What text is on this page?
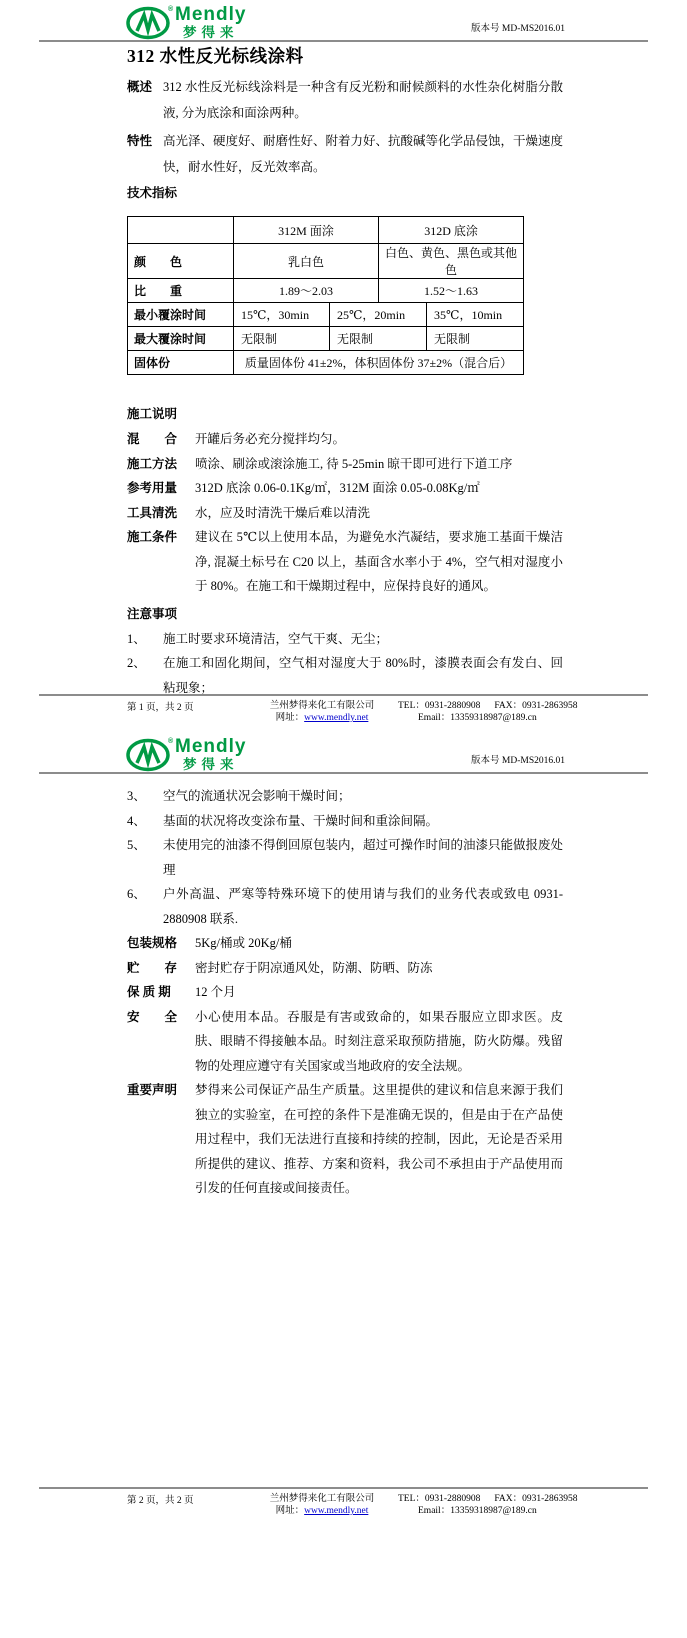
® Mendly
梦得来	版本号 MD-MS2016.01
312 水性反光标线涂料
概述 312 水性反光标线涂料是一种含有反光粉和耐候颜料的水性杂化树脂分散液, 分为底涂和面涂两种。
特性 高光泽、硬度好、耐磨性好、附着力好、抗酸碱等化学品侵蚀，干燥速度快，耐水性好，反光效率高。
技术指标
	312M 面涂		312D 底涂	
颜　　色	乳白色		白色、黄色、黑色或其他色	
比　　重	1.89～2.03		1.52～1.63	
最小覆涂时间	15℃，30min	25℃，20min		35℃，10min
最大覆涂时间	无限制	无限制		无限制
固体份	质量固体份 41±2%，体积固体份 37±2%（混合后）			
施工说明
混　　合	开罐后务必充分搅拌均匀。
施工方法	喷涂、刷涂或滚涂施工, 待 5-25min 晾干即可进行下道工序
参考用量	312D 底涂 0.06-0.1Kg/㎡，312M 面涂 0.05-0.08Kg/㎡
工具清洗	水，应及时清洗干燥后难以清洗
施工条件	建议在 5℃以上使用本品，为避免水汽凝结，要求施工基面干燥洁净, 混凝土标号在 C20 以上，基面含水率小于 4%，空气相对湿度小于 80%。在施工和干燥期过程中，应保持良好的通风。
注意事项
1、	施工时要求环境清洁，空气干爽、无尘；
2、	在施工和固化期间，空气相对湿度大于 80%时，漆膜表面会有发白、回粘现象；
第 1 页，共 2 页	兰州梦得来化工有限公司
网址：www.mendly.net
TEL：0931-2880908 FAX：0931-2863958
Email：13359318987@189.cn
® Mendly
梦得来	版本号 MD-MS2016.01
3、	空气的流通状况会影响干燥时间；
4、	基面的状况将改变涂布量、干燥时间和重涂间隔。
5、	未使用完的油漆不得倒回原包装内，超过可操作时间的油漆只能做报废处理
6、	户外高温、严寒等特殊环境下的使用请与我们的业务代表或致电 0931-2880908 联系.
包装规格	5Kg/桶或 20Kg/桶
贮　　存	密封贮存于阴凉通风处，防潮、防晒、防冻
保 质 期	12 个月
安　　全	小心使用本品。吞服是有害或致命的，如果吞服应立即求医。皮肤、眼睛不得接触本品。时刻注意采取预防措施，防火防爆。残留物的处理应遵守有关国家或当地政府的安全法规。
重要声明	梦得来公司保证产品生产质量。这里提供的建议和信息来源于我们独立的实验室，在可控的条件下是准确无误的，但是由于在产品使用过程中，我们无法进行直接和持续的控制，因此，无论是否采用所提供的建议、推荐、方案和资料，我公司不承担由于产品使用而引发的任何直接或间接责任。
第 2 页，共 2 页	兰州梦得来化工有限公司
网址：www.mendly.net
TEL：0931-2880908 FAX：0931-2863958
Email：13359318987@189.cn
